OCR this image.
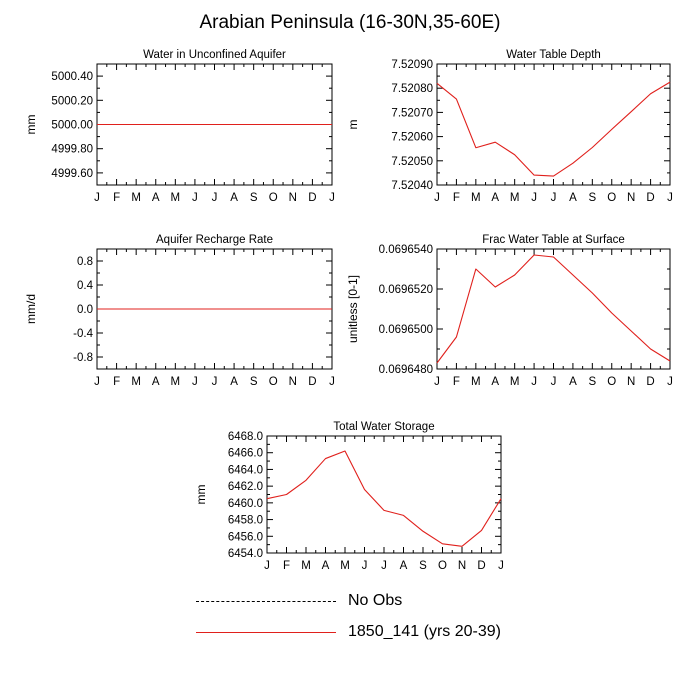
Arabian Peninsula (16-30N,35-60E)
Water in Unconfined Aquifer
mm
J F M A M J J A S O N D J
4999.60
4999.80
5000.00
5000.20
5000.40
Water Table Depth
m
J F M A M J J A S O N D J
7.52040
7.52050
7.52060
7.52070
7.52080
7.52090
Aquifer Recharge Rate
mm/d
J F M A M J J A S O N D J
-0.8
-0.4
0.0
0.4
0.8
Frac Water Table at Surface
unitless [0-1]
J F M A M J J A S O N D J
0.0696480
0.0696500
0.0696520
0.0696540
Total Water Storage
mm
J F M A M J J A S O N D J
6454.0
6456.0
6458.0
6460.0
6462.0
6464.0
6466.0
6468.0
No Obs
1850_141 (yrs 20-39)
